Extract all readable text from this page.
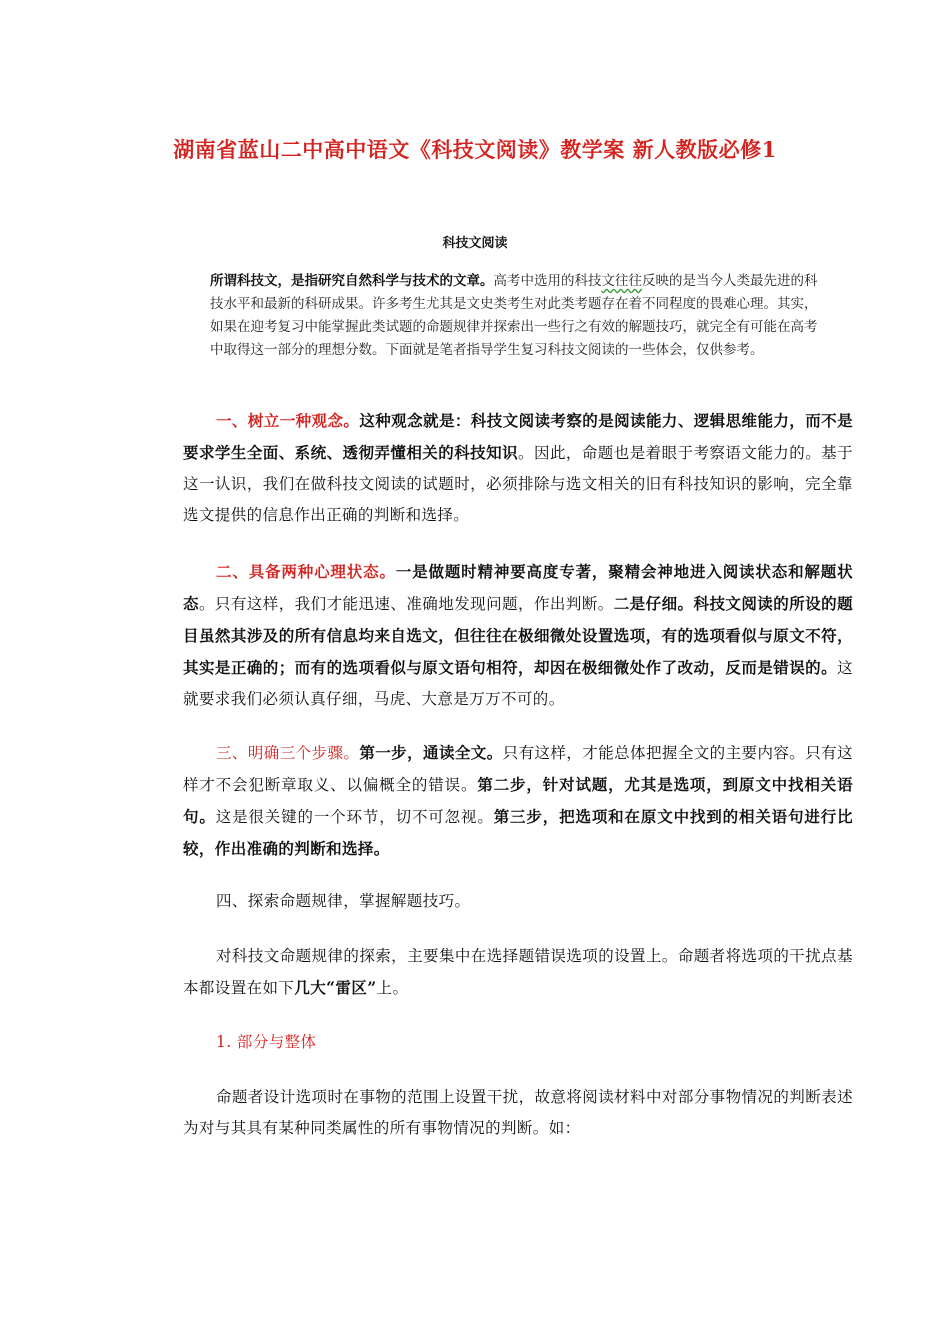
湖南省蓝山二中高中语文《科技文阅读》教学案 新人教版必修1
科技文阅读
所谓科技文，是指研究自然科学与技术的文章。高考中选用的科技文往往反映的是当今人类最先进的科技水平和最新的科研成果。许多考生尤其是文史类考生对此类考题存在着不同程度的畏难心理。其实，如果在迎考复习中能掌握此类试题的命题规律并探索出一些行之有效的解题技巧，就完全有可能在高考中取得这一部分的理想分数。下面就是笔者指导学生复习科技文阅读的一些体会，仅供参考。
一、树立一种观念。这种观念就是：科技文阅读考察的是阅读能力、逻辑思维能力，而不是要求学生全面、系统、透彻弄懂相关的科技知识。因此，命题也是着眼于考察语文能力的。基于这一认识，我们在做科技文阅读的试题时，必须排除与选文相关的旧有科技知识的影响，完全靠选文提供的信息作出正确的判断和选择。
二、具备两种心理状态。一是做题时精神要高度专著，聚精会神地进入阅读状态和解题状态。只有这样，我们才能迅速、准确地发现问题，作出判断。二是仔细。科技文阅读的所设的题目虽然其涉及的所有信息均来自选文，但往往在极细微处设置选项，有的选项看似与原文不符，其实是正确的；而有的选项看似与原文语句相符，却因在极细微处作了改动，反而是错误的。这就要求我们必须认真仔细，马虎、大意是万万不可的。
三、明确三个步骤。第一步，通读全文。只有这样，才能总体把握全文的主要内容。只有这样才不会犯断章取义、以偏概全的错误。第二步，针对试题，尤其是选项，到原文中找相关语句。这是很关键的一个环节，切不可忽视。第三步，把选项和在原文中找到的相关语句进行比较，作出准确的判断和选择。
四、探索命题规律，掌握解题技巧。
对科技文命题规律的探索，主要集中在选择题错误选项的设置上。命题者将选项的干扰点基本都设置在如下几大“雷区”上。
1. 部分与整体
命题者设计选项时在事物的范围上设置干扰，故意将阅读材料中对部分事物情况的判断表述为对与其具有某种同类属性的所有事物情况的判断。如：
